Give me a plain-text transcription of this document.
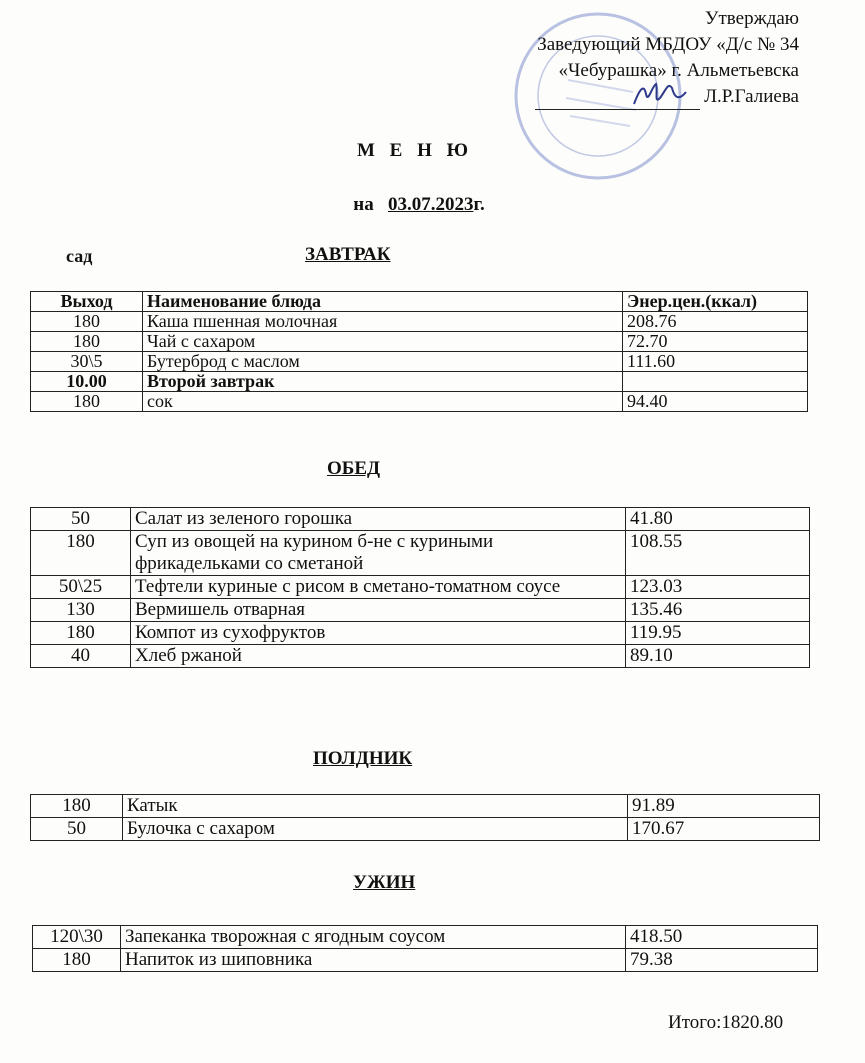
Утверждаю
Заведующий МБДОУ «Д/с № 34
«Чебурашка» г. Альметьевска
Л.Р.Галиева
М Е Н Ю
на 03.07.2023г.
сад	ЗАВТРАК
Выход	Наименование блюда	Энер.цен.(ккал)
180	Каша пшенная молочная	208.76
180	Чай с сахаром	72.70
30\5	Бутерброд с маслом	111.60
10.00	Второй завтрак	
180	сок	94.40
ОБЕД
50	Салат из зеленого горошка	41.80
180	Суп из овощей на курином б-не с куриными фрикадельками со сметаной	108.55
50\25	Тефтели куриные с рисом в сметано-томатном соусе	123.03
130	Вермишель отварная	135.46
180	Компот из сухофруктов	119.95
40	Хлеб ржаной	89.10
ПОЛДНИК
180	Катык	91.89
50	Булочка с сахаром	170.67
УЖИН
120\30	Запеканка творожная с ягодным соусом	418.50
180	Напиток из шиповника	79.38
Итого:1820.80
